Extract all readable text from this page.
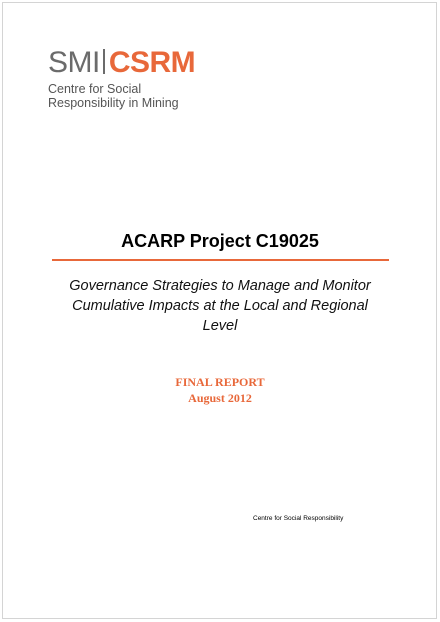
SMI CSRM
Centre for Social
Responsibility in Mining
ACARP Project C19025
Governance Strategies to Manage and Monitor
Cumulative Impacts at the Local and Regional
Level
FINAL REPORT
August 2012
Centre for Social Responsibility
